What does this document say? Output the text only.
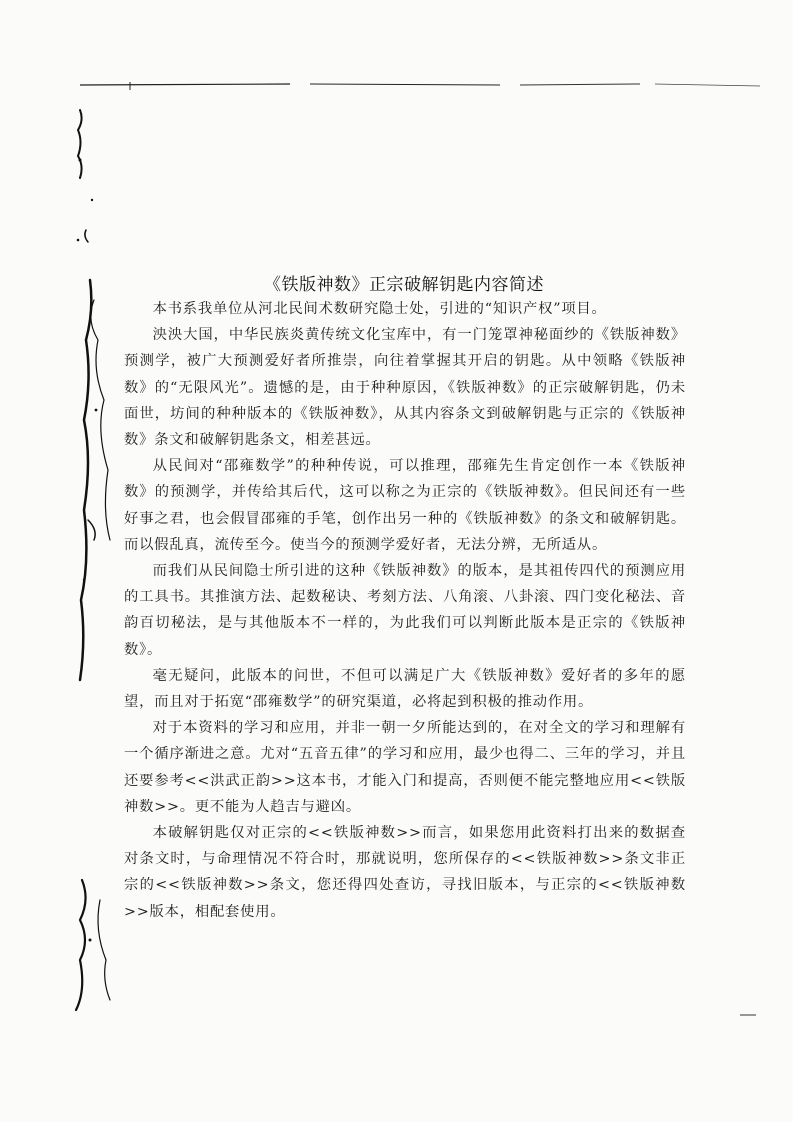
《铁版神数》正宗破解钥匙内容简述

本书系我单位从河北民间术数研究隐士处，引进的“知识产权”项目。

泱泱大国，中华民族炎黄传统文化宝库中，有一门笼罩神秘面纱的《铁版神数》预测学，被广大预测爱好者所推崇，向往着掌握其开启的钥匙。从中领略《铁版神数》的“无限风光”。遗憾的是，由于种种原因，《铁版神数》的正宗破解钥匙，仍未面世，坊间的种种版本的《铁版神数》，从其内容条文到破解钥匙与正宗的《铁版神数》条文和破解钥匙条文，相差甚远。

从民间对“邵雍数学”的种种传说，可以推理，邵雍先生肯定创作一本《铁版神数》的预测学，并传给其后代，这可以称之为正宗的《铁版神数》。但民间还有一些好事之君，也会假冒邵雍的手笔，创作出另一种的《铁版神数》的条文和破解钥匙。而以假乱真，流传至今。使当今的预测学爱好者，无法分辨，无所适从。

而我们从民间隐士所引进的这种《铁版神数》的版本，是其祖传四代的预测应用的工具书。其推演方法、起数秘诀、考刻方法、八角滚、八卦滚、四门变化秘法、音韵百切秘法，是与其他版本不一样的，为此我们可以判断此版本是正宗的《铁版神数》。

毫无疑问，此版本的问世，不但可以满足广大《铁版神数》爱好者的多年的愿望，而且对于拓宽“邵雍数学”的研究渠道，必将起到积极的推动作用。

对于本资料的学习和应用，并非一朝一夕所能达到的，在对全文的学习和理解有一个循序渐进之意。尤对“五音五律”的学习和应用，最少也得二、三年的学习，并且还要参考<<洪武正韵>>这本书，才能入门和提高，否则便不能完整地应用<<铁版神数>>。更不能为人趋吉与避凶。

本破解钥匙仅对正宗的<<铁版神数>>而言，如果您用此资料打出来的数据查对条文时，与命理情况不符合时，那就说明，您所保存的<<铁版神数>>条文非正宗的<<铁版神数>>条文，您还得四处查访，寻找旧版本，与正宗的<<铁版神数>>版本，相配套使用。
